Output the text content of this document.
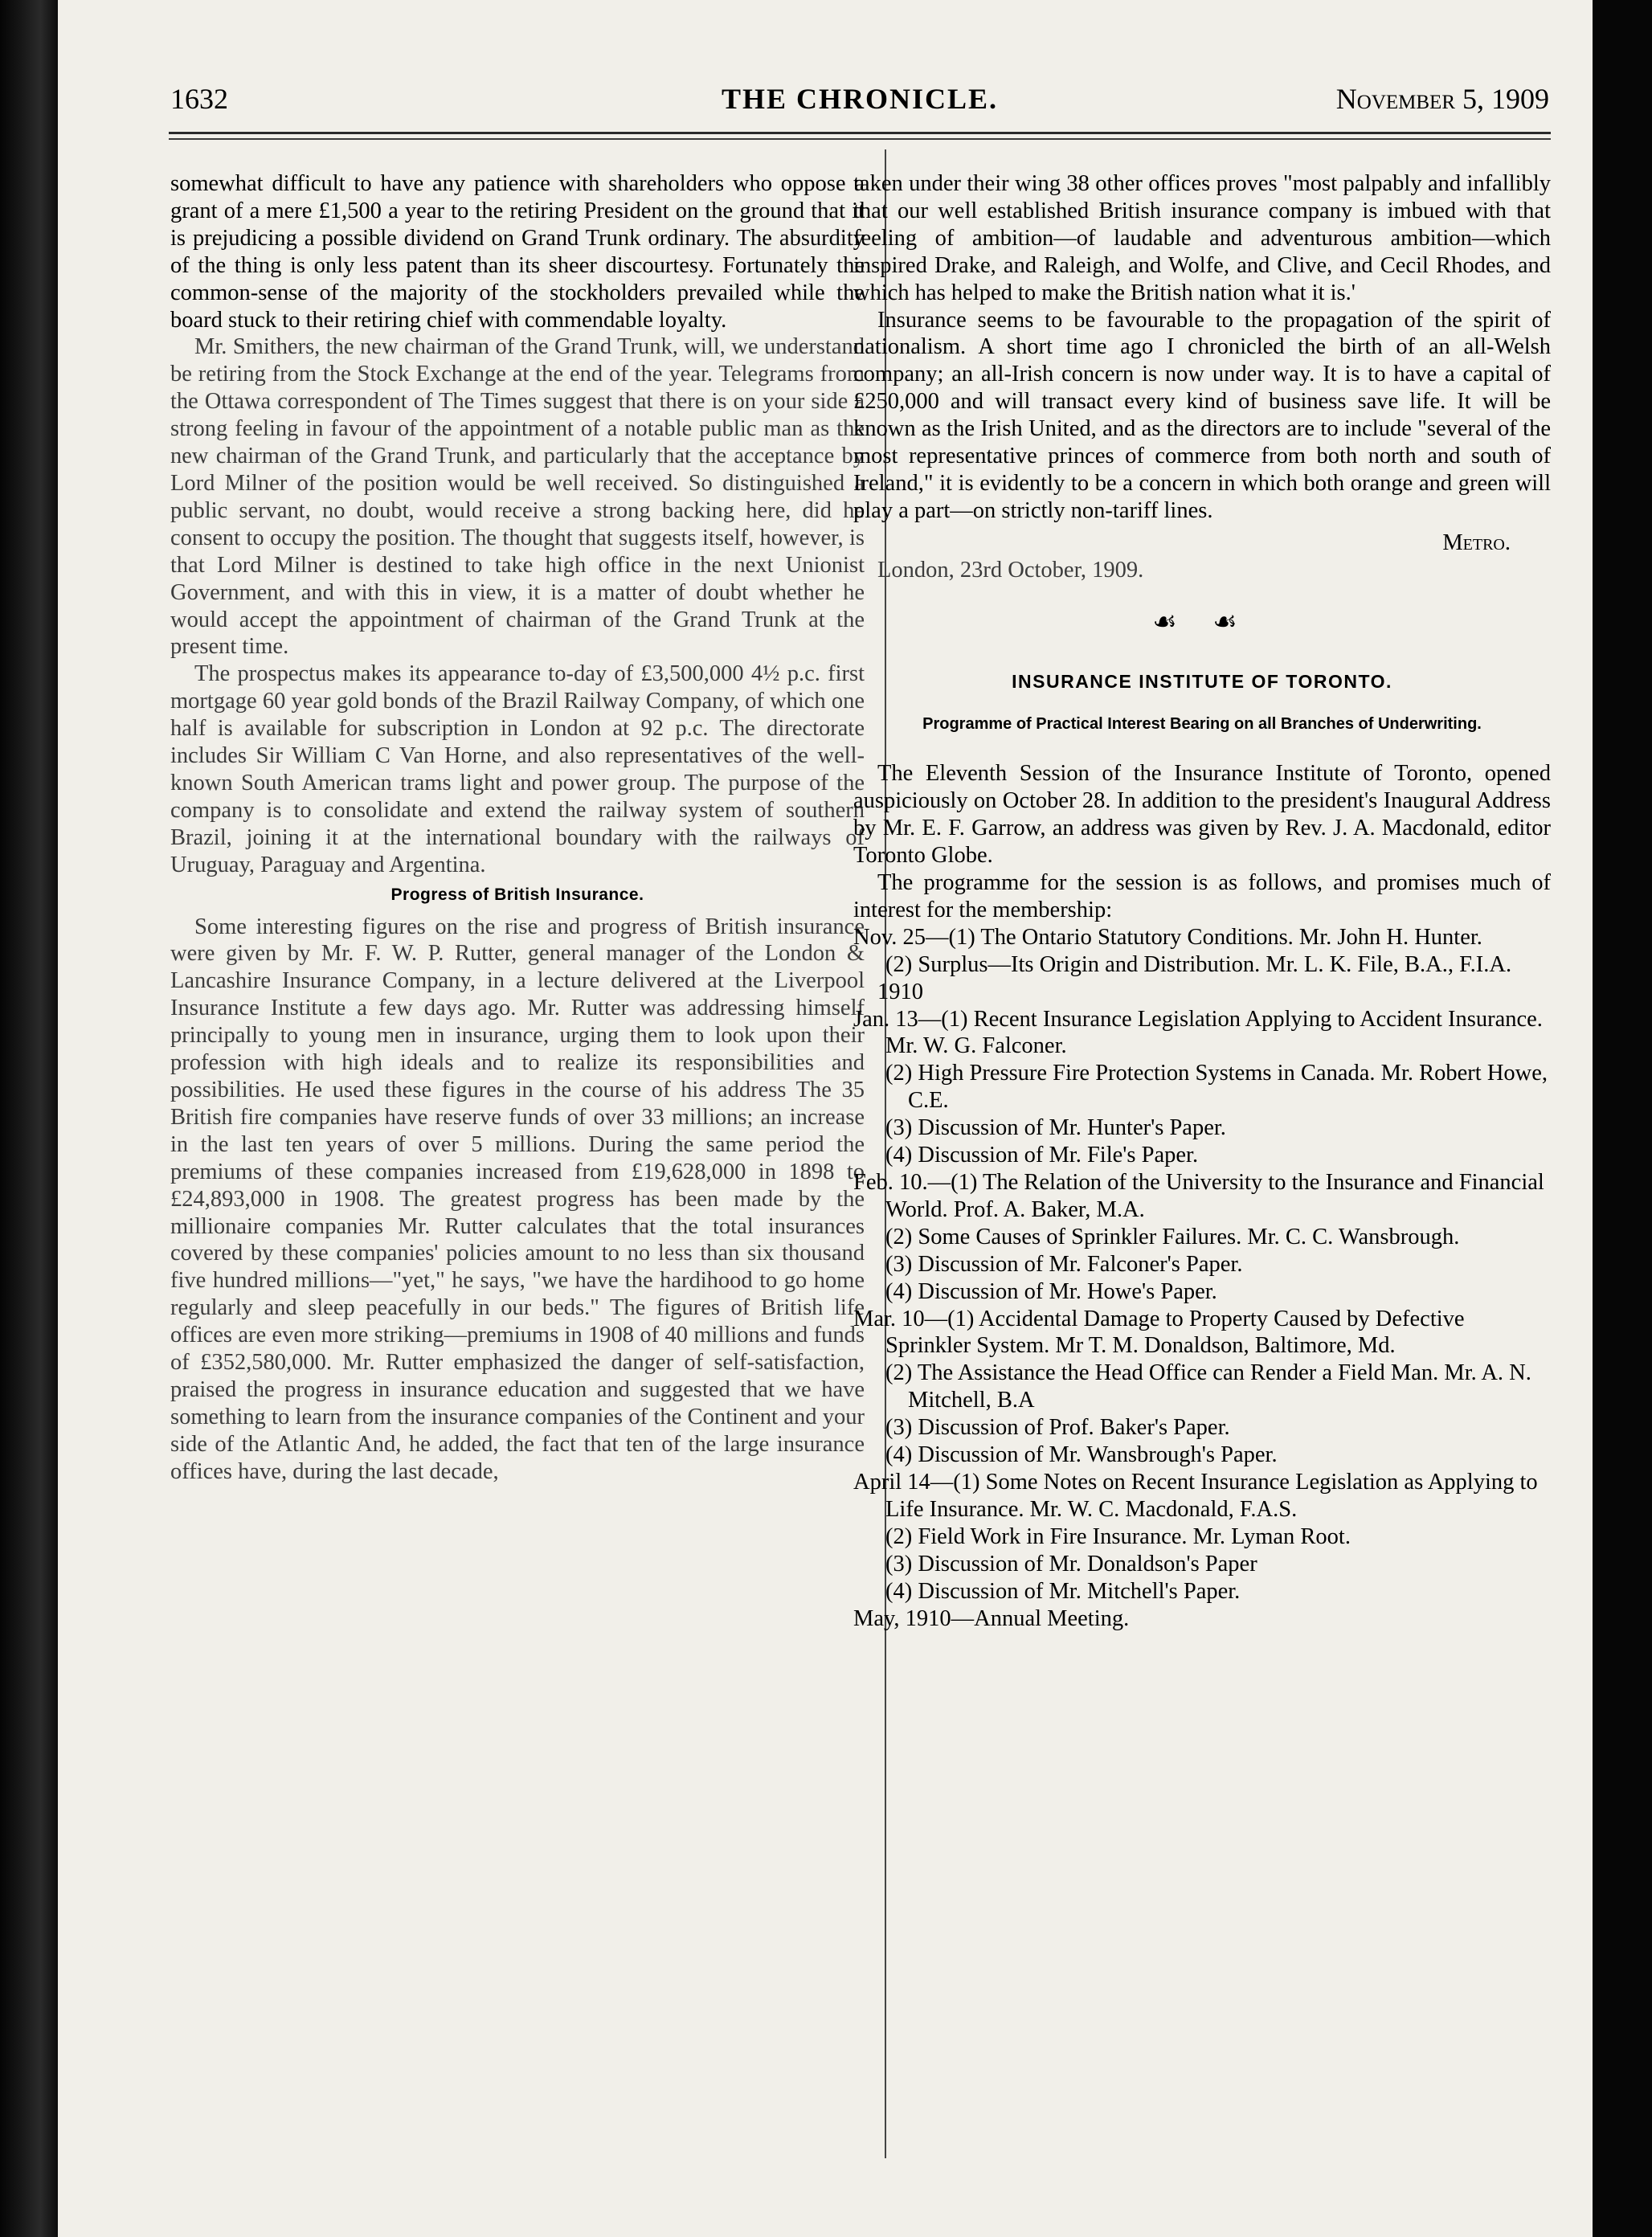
1632	THE CHRONICLE.	November 5, 1909

somewhat difficult to have any patience with shareholders who oppose a grant of a mere £1,500 a year to the retiring President on the ground that it is prejudicing a possible dividend on Grand Trunk ordinary. The absurdity of the thing is only less patent than its sheer discourtesy. Fortunately the common-sense of the majority of the stockholders prevailed while the board stuck to their retiring chief with commendable loyalty.

Mr. Smithers, the new chairman of the Grand Trunk, will, we understand be retiring from the Stock Exchange at the end of the year. Telegrams from the Ottawa correspondent of The Times suggest that there is on your side a strong feeling in favour of the appointment of a notable public man as the new chairman of the Grand Trunk, and particularly that the acceptance by Lord Milner of the position would be well received. So distinguished a public servant, no doubt, would receive a strong backing here, did he consent to occupy the position. The thought that suggests itself, however, is that Lord Milner is destined to take high office in the next Unionist Government, and with this in view, it is a matter of doubt whether he would accept the appointment of chairman of the Grand Trunk at the present time.

The prospectus makes its appearance to-day of £3,500,000 4½ p.c. first mortgage 60 year gold bonds of the Brazil Railway Company, of which one half is available for subscription in London at 92 p.c. The directorate includes Sir William C Van Horne, and also representatives of the well-known South American trams light and power group. The purpose of the company is to consolidate and extend the railway system of southern Brazil, joining it at the international boundary with the railways of Uruguay, Paraguay and Argentina.

Progress of British Insurance.

Some interesting figures on the rise and progress of British insurance were given by Mr. F. W. P. Rutter, general manager of the London & Lancashire Insurance Company, in a lecture delivered at the Liverpool Insurance Institute a few days ago. Mr. Rutter was addressing himself principally to young men in insurance, urging them to look upon their profession with high ideals and to realize its responsibilities and possibilities. He used these figures in the course of his address The 35 British fire companies have reserve funds of over 33 millions; an increase in the last ten years of over 5 millions. During the same period the premiums of these companies increased from £19,628,000 in 1898 to £24,893,000 in 1908. The greatest progress has been made by the millionaire companies Mr. Rutter calculates that the total insurances covered by these companies' policies amount to no less than six thousand five hundred millions—"yet," he says, "we have the hardihood to go home regularly and sleep peacefully in our beds." The figures of British life offices are even more striking—premiums in 1908 of 40 millions and funds of £352,580,000. Mr. Rutter emphasized the danger of self-satisfaction, praised the progress in insurance education and suggested that we have something to learn from the insurance companies of the Continent and your side of the Atlantic And, he added, the fact that ten of the large insurance offices have, during the last decade,

taken under their wing 38 other offices proves "most palpably and infallibly that our well established British insurance company is imbued with that feeling of ambition—of laudable and adventurous ambition—which inspired Drake, and Raleigh, and Wolfe, and Clive, and Cecil Rhodes, and which has helped to make the British nation what it is.'

Insurance seems to be favourable to the propagation of the spirit of nationalism. A short time ago I chronicled the birth of an all-Welsh company; an all-Irish concern is now under way. It is to have a capital of £250,000 and will transact every kind of business save life. It will be known as the Irish United, and as the directors are to include "several of the most representative princes of commerce from both north and south of Ireland," it is evidently to be a concern in which both orange and green will play a part—on strictly non-tariff lines.

Metro.

London, 23rd October, 1909.

☙ ☙
INSURANCE INSTITUTE OF TORONTO.
Programme of Practical Interest Bearing on all Branches of Underwriting.

The Eleventh Session of the Insurance Institute of Toronto, opened auspiciously on October 28. In addition to the president's Inaugural Address by Mr. E. F. Garrow, an address was given by Rev. J. A. Macdonald, editor Toronto Globe.

The programme for the session is as follows, and promises much of interest for the membership:

Nov. 25—(1) The Ontario Statutory Conditions. Mr. John H. Hunter.
(2) Surplus—Its Origin and Distribution. Mr. L. K. File, B.A., F.I.A.
1910
Jan. 13—(1) Recent Insurance Legislation Applying to Accident Insurance. Mr. W. G. Falconer.
(2) High Pressure Fire Protection Systems in Canada. Mr. Robert Howe, C.E.
(3) Discussion of Mr. Hunter's Paper.
(4) Discussion of Mr. File's Paper.
Feb. 10.—(1) The Relation of the University to the Insurance and Financial World. Prof. A. Baker, M.A.
(2) Some Causes of Sprinkler Failures. Mr. C. C. Wansbrough.
(3) Discussion of Mr. Falconer's Paper.
(4) Discussion of Mr. Howe's Paper.
Mar. 10—(1) Accidental Damage to Property Caused by Defective Sprinkler System. Mr T. M. Donaldson, Baltimore, Md.
(2) The Assistance the Head Office can Render a Field Man. Mr. A. N. Mitchell, B.A
(3) Discussion of Prof. Baker's Paper.
(4) Discussion of Mr. Wansbrough's Paper.
April 14—(1) Some Notes on Recent Insurance Legislation as Applying to Life Insurance. Mr. W. C. Macdonald, F.A.S.
(2) Field Work in Fire Insurance. Mr. Lyman Root.
(3) Discussion of Mr. Donaldson's Paper
(4) Discussion of Mr. Mitchell's Paper.
May, 1910—Annual Meeting.
